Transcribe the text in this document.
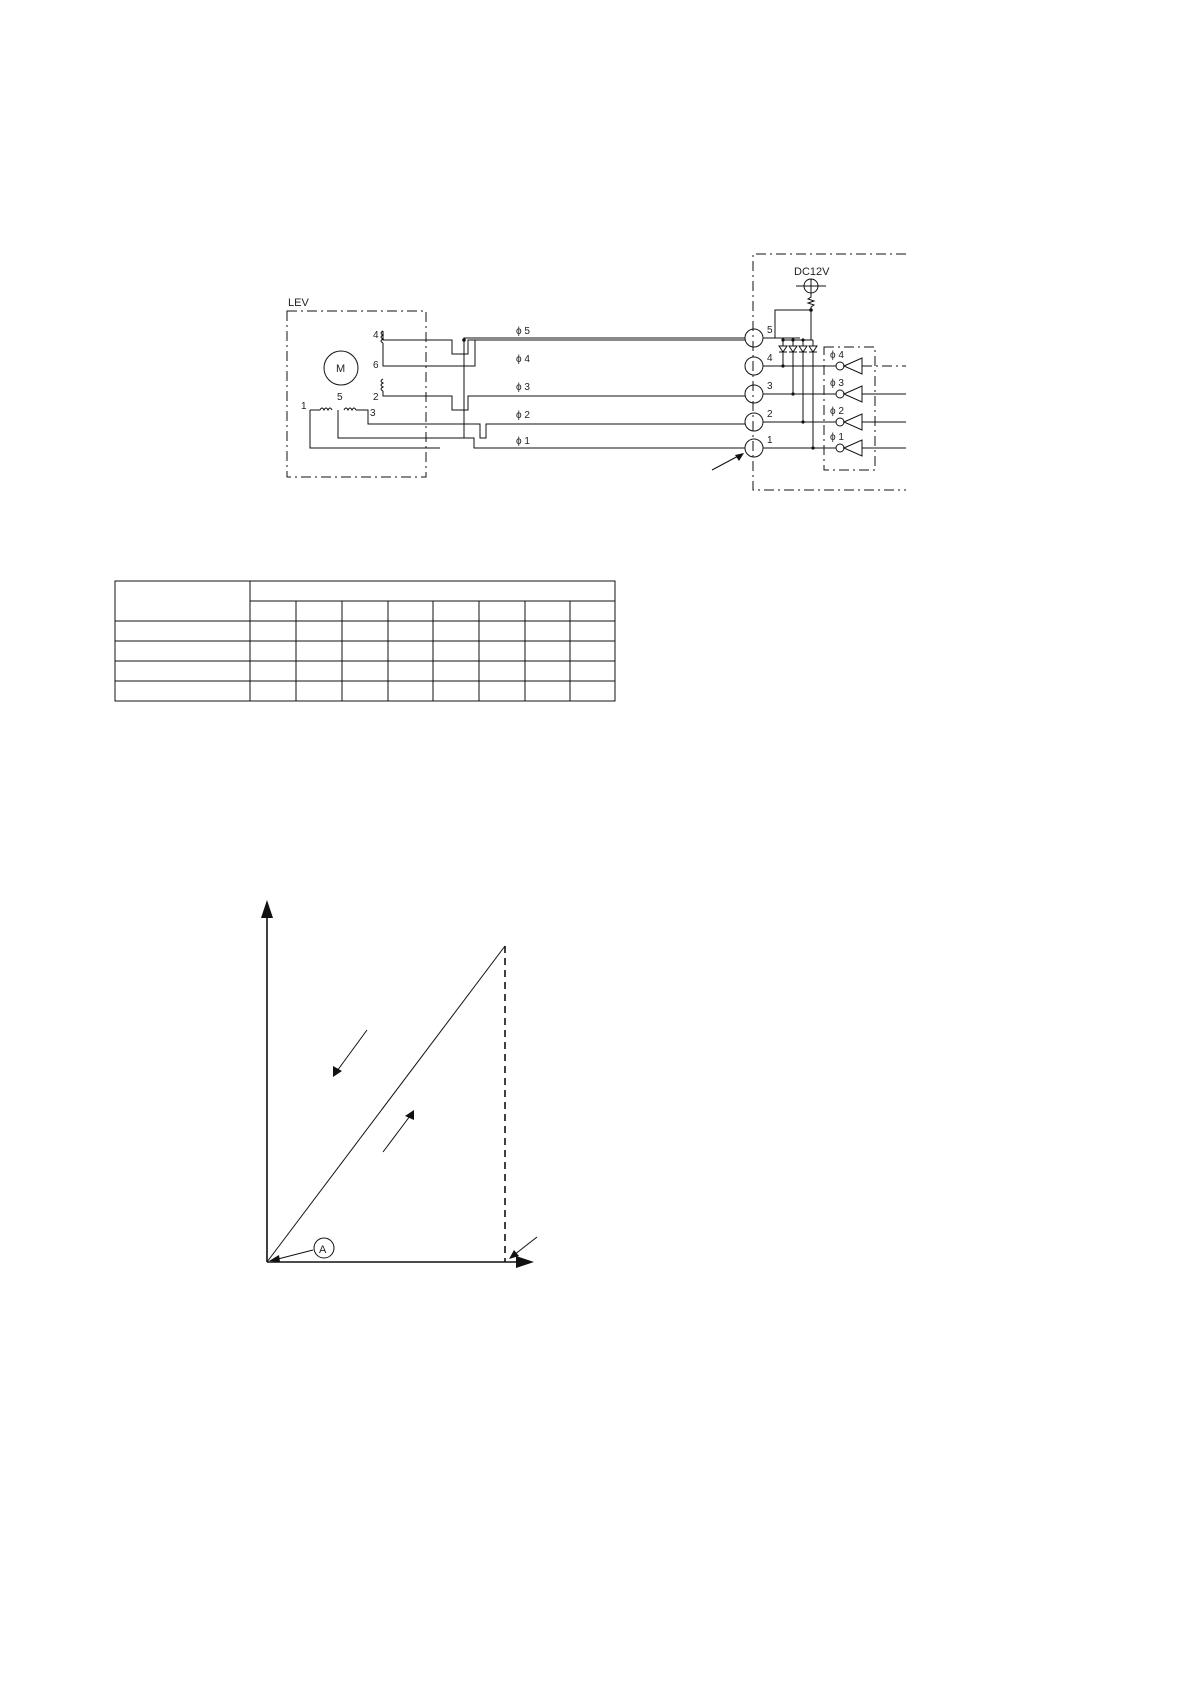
LEV
M
4
6
2
1
5
3
ϕ 5
ϕ 4
ϕ 3
ϕ 2
ϕ 1
5
4
3
2
1
DC12V
ϕ 4
ϕ 3
ϕ 2
ϕ 1
A
